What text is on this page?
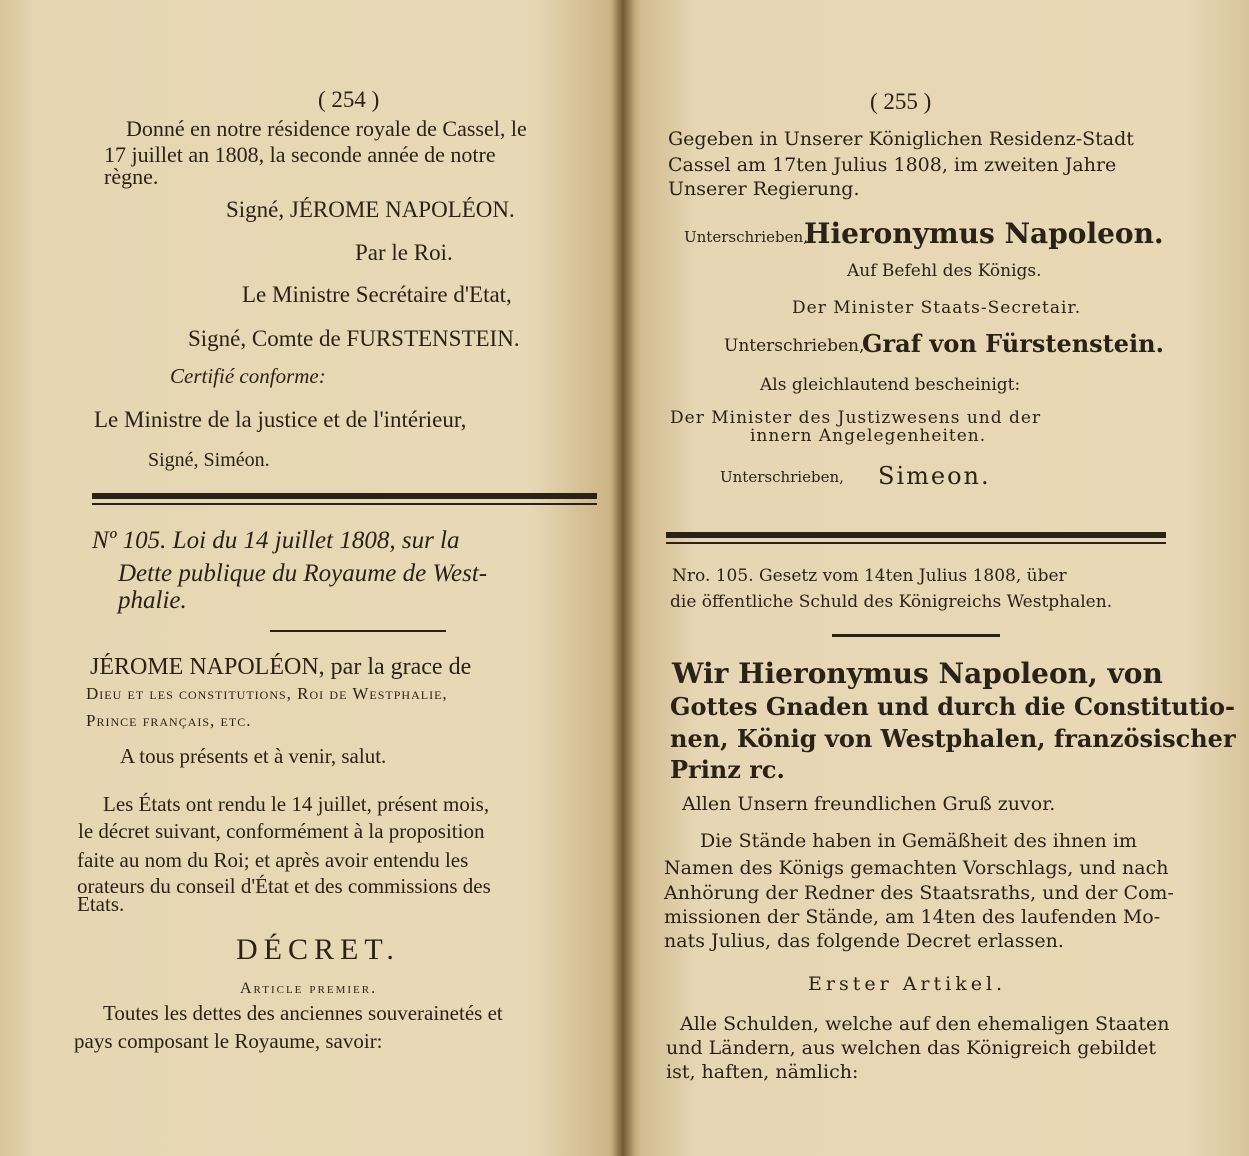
( 254 )

Donné en notre résidence royale de Cassel, le

17 juillet an 1808, la seconde année de notre

règne.

Signé, JÉROME NAPOLÉON.

Par le Roi.

Le Ministre Secrétaire d'Etat,

Signé, Comte de FURSTENSTEIN.

Certifié conforme:

Le Ministre de la justice et de l'intérieur,

Signé, Siméon.

Nº 105. Loi du 14 juillet 1808, sur la

Dette publique du Royaume de West-

phalie.

JÉROME NAPOLÉON, par la grace de

Dieu et les constitutions, Roi de Westphalie,

Prince français, etc.

A tous présents et à venir, salut.

Les États ont rendu le 14 juillet, présent mois,

le décret suivant, conformément à la proposition

faite au nom du Roi; et après avoir entendu les

orateurs du conseil d'État et des commissions des

Etats.

DÉCRET.

Article premier.

Toutes les dettes des anciennes souverainetés et

pays composant le Royaume, savoir:

( 255 )

Gegeben in Unserer Königlichen Residenz-Stadt

Cassel am 17ten Julius 1808, im zweiten Jahre

Unserer Regierung.

Unterschrieben,

Hieronymus Napoleon.

Auf Befehl des Königs.

Der Minister Staats-Secretair.

Unterschrieben,

Graf von Fürstenstein.

Als gleichlautend bescheinigt:

Der Minister des Justizwesens und der

innern Angelegenheiten.

Unterschrieben, Simeon.

Nro. 105. Gesetz vom 14ten Julius 1808, über

die öffentliche Schuld des Königreichs Westphalen.

Wir Hieronymus Napoleon, von

Gottes Gnaden und durch die Constitutio-

nen, König von Westphalen, französischer

Prinz rc.

Allen Unsern freundlichen Gruß zuvor.

Die Stände haben in Gemäßheit des ihnen im

Namen des Königs gemachten Vorschlags, und nach

Anhörung der Redner des Staatsraths, und der Com-

missionen der Stände, am 14ten des laufenden Mo-

nats Julius, das folgende Decret erlassen.

Erster Artikel.

Alle Schulden, welche auf den ehemaligen Staaten

und Ländern, aus welchen das Königreich gebildet

ist, haften, nämlich:
